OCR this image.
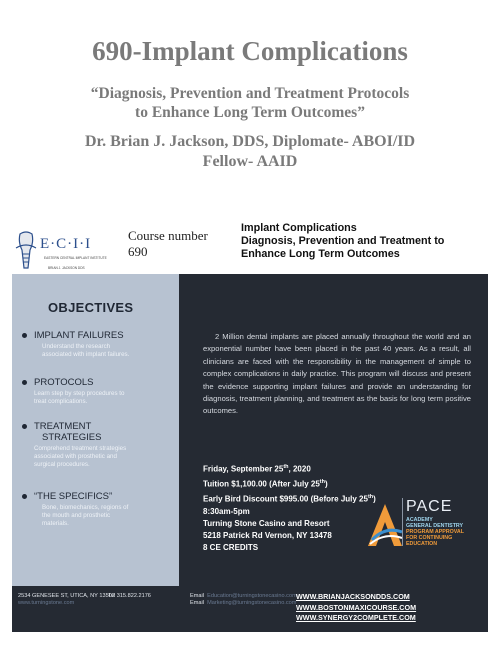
690-Implant Complications
“Diagnosis, Prevention and Treatment Protocols
to Enhance Long Term Outcomes”
Dr. Brian J. Jackson, DDS, Diplomate- ABOI/ID
Fellow- AAID
E·C·I·I
EASTERN CENTRAL IMPLANT INSTITUTE
BRIAN J. JACKSON DDS
Course number
690
Implant Complications
Diagnosis, Prevention and Treatment to
Enhance Long Term Outcomes
OBJECTIVES
IMPLANT FAILURES
Understand the research
associated with implant failures.
PROTOCOLS
Learn step by step procedures to
treat complications.
TREATMENT
STRATEGIES
Comprehend treatment strategies
associated with prosthetic and
surgical procedures.
“THE SPECIFICS”
Bone, biomechanics, regions of
the mouth and prosthetic
materials.
2 Million dental implants are placed annually throughout the world and an exponential number have been placed in the past 40 years. As a result, all clinicians are faced with the responsibility in the management of simple to complex complications in daily practice. This program will discuss and present the evidence supporting implant failures and provide an understanding for diagnosis, treatment planning, and treatment as the basis for long term positive outcomes.
Friday, September 25th, 2020
Tuition $1,100.00 (After July 25th)
Early Bird Discount $995.00 (Before July 25th)
8:30am-5pm
Turning Stone Casino and Resort
5218 Patrick Rd Vernon, NY 13478
8 CE CREDITS
PACE
ACADEMY
GENERAL DENTISTRY
PROGRAM APPROVAL
FOR CONTINUING
EDUCATION
2534 GENESEE ST, UTICA, NY 13502
www.turningstone.com
Tel 315.822.2176	Email Education@turningstonecasino.com
Email Marketing@turningstonecasino.com
WWW.BRIANJACKSONDDS.COM
WWW.BOSTONMAXICOURSE.COM
WWW.SYNERGY2COMPLETE.COM
